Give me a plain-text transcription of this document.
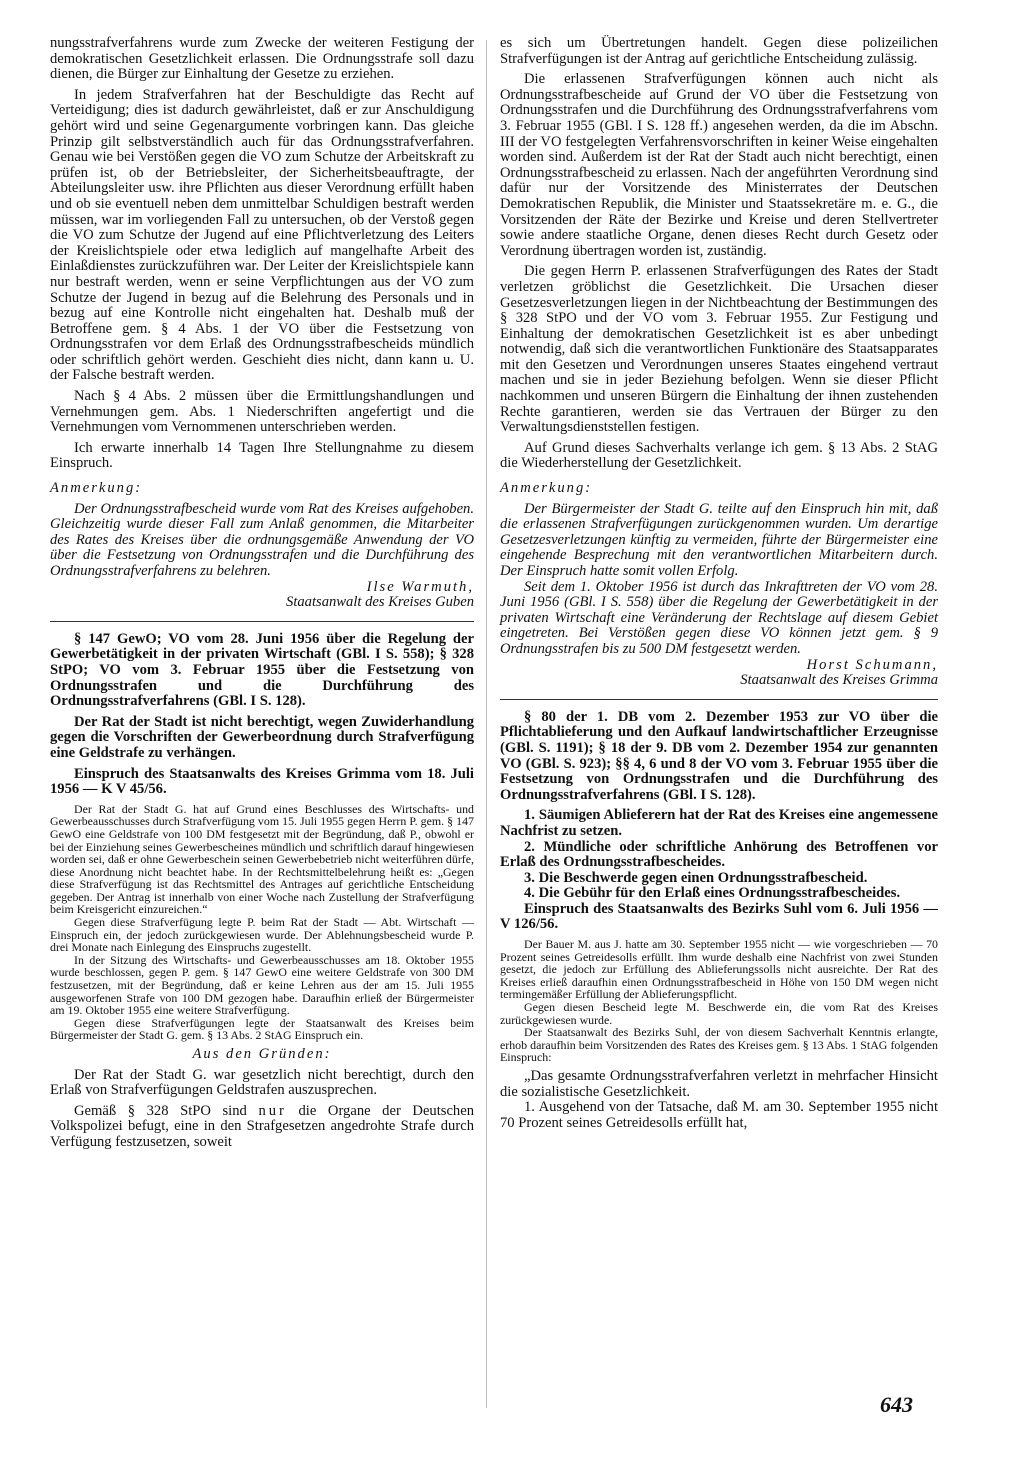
nungsstrafverfahrens wurde zum Zwecke der weiteren Festigung der demokratischen Gesetzlichkeit erlassen. Die Ordnungsstrafe soll dazu dienen, die Bürger zur Einhaltung der Gesetze zu erziehen.

In jedem Strafverfahren hat der Beschuldigte das Recht auf Verteidigung; dies ist dadurch gewährleistet, daß er zur Anschuldigung gehört wird und seine Gegenargumente vorbringen kann. Das gleiche Prinzip gilt selbstverständlich auch für das Ordnungsstrafverfahren. Genau wie bei Verstößen gegen die VO zum Schutze der Arbeitskraft zu prüfen ist, ob der Betriebsleiter, der Sicherheitsbeauftragte, der Abteilungsleiter usw. ihre Pflichten aus dieser Verordnung erfüllt haben und ob sie eventuell neben dem unmittelbar Schuldigen bestraft werden müssen, war im vorliegenden Fall zu untersuchen, ob der Verstoß gegen die VO zum Schutze der Jugend auf eine Pflichtverletzung des Leiters der Kreislichtspiele oder etwa lediglich auf mangelhafte Arbeit des Einlaßdienstes zurückzuführen war. Der Leiter der Kreislichtspiele kann nur bestraft werden, wenn er seine Verpflichtungen aus der VO zum Schutze der Jugend in bezug auf die Belehrung des Personals und in bezug auf eine Kontrolle nicht eingehalten hat. Deshalb muß der Betroffene gem. § 4 Abs. 1 der VO über die Festsetzung von Ordnungsstrafen vor dem Erlaß des Ordnungsstrafbescheids mündlich oder schriftlich gehört werden. Geschieht dies nicht, dann kann u. U. der Falsche bestraft werden.

Nach § 4 Abs. 2 müssen über die Ermittlungshandlungen und Vernehmungen gem. Abs. 1 Niederschriften angefertigt und die Vernehmungen vom Vernommenen unterschrieben werden.

Ich erwarte innerhalb 14 Tagen Ihre Stellungnahme zu diesem Einspruch.

Anmerkung:

Der Ordnungsstrafbescheid wurde vom Rat des Kreises aufgehoben. Gleichzeitig wurde dieser Fall zum Anlaß genommen, die Mitarbeiter des Rates des Kreises über die ordnungsgemäße Anwendung der VO über die Festsetzung von Ordnungsstrafen und die Durchführung des Ordnungsstrafverfahrens zu belehren.

Ilse Warmuth,

Staatsanwalt des Kreises Guben

§ 147 GewO; VO vom 28. Juni 1956 über die Regelung der Gewerbetätigkeit in der privaten Wirtschaft (GBl. I S. 558); § 328 StPO; VO vom 3. Februar 1955 über die Festsetzung von Ordnungsstrafen und die Durchführung des Ordnungsstrafverfahrens (GBl. I S. 128).

Der Rat der Stadt ist nicht berechtigt, wegen Zuwiderhandlung gegen die Vorschriften der Gewerbeordnung durch Strafverfügung eine Geldstrafe zu verhängen.

Einspruch des Staatsanwalts des Kreises Grimma vom 18. Juli 1956 — K V 45/56.

Der Rat der Stadt G. hat auf Grund eines Beschlusses des Wirtschafts- und Gewerbeausschusses durch Strafverfügung vom 15. Juli 1955 gegen Herrn P. gem. § 147 GewO eine Geldstrafe von 100 DM festgesetzt mit der Begründung, daß P., obwohl er bei der Einziehung seines Gewerbescheines mündlich und schriftlich darauf hingewiesen worden sei, daß er ohne Gewerbeschein seinen Gewerbebetrieb nicht weiterführen dürfe, diese Anordnung nicht beachtet habe. In der Rechtsmittelbelehrung heißt es: „Gegen diese Strafverfügung ist das Rechtsmittel des Antrages auf gerichtliche Entscheidung gegeben. Der Antrag ist innerhalb von einer Woche nach Zustellung der Strafverfügung beim Kreisgericht einzureichen.“

Gegen diese Strafverfügung legte P. beim Rat der Stadt — Abt. Wirtschaft — Einspruch ein, der jedoch zurückgewiesen wurde. Der Ablehnungsbescheid wurde P. drei Monate nach Einlegung des Einspruchs zugestellt.

In der Sitzung des Wirtschafts- und Gewerbeausschusses am 18. Oktober 1955 wurde beschlossen, gegen P. gem. § 147 GewO eine weitere Geldstrafe von 300 DM festzusetzen, mit der Begründung, daß er keine Lehren aus der am 15. Juli 1955 ausgeworfenen Strafe von 100 DM gezogen habe. Daraufhin erließ der Bürgermeister am 19. Oktober 1955 eine weitere Strafverfügung.

Gegen diese Strafverfügungen legte der Staatsanwalt des Kreises beim Bürgermeister der Stadt G. gem. § 13 Abs. 2 StAG Einspruch ein.

Aus den Gründen:

Der Rat der Stadt G. war gesetzlich nicht berechtigt, durch den Erlaß von Strafverfügungen Geldstrafen auszusprechen.

Gemäß § 328 StPO sind nur die Organe der Deutschen Volkspolizei befugt, eine in den Strafgesetzen angedrohte Strafe durch Verfügung festzusetzen, soweit

es sich um Übertretungen handelt. Gegen diese polizeilichen Strafverfügungen ist der Antrag auf gerichtliche Entscheidung zulässig.

Die erlassenen Strafverfügungen können auch nicht als Ordnungsstrafbescheide auf Grund der VO über die Festsetzung von Ordnungsstrafen und die Durchführung des Ordnungsstrafverfahrens vom 3. Februar 1955 (GBl. I S. 128 ff.) angesehen werden, da die im Abschn. III der VO festgelegten Verfahrensvorschriften in keiner Weise eingehalten worden sind. Außerdem ist der Rat der Stadt auch nicht berechtigt, einen Ordnungsstrafbescheid zu erlassen. Nach der angeführten Verordnung sind dafür nur der Vorsitzende des Ministerrates der Deutschen Demokratischen Republik, die Minister und Staatssekretäre m. e. G., die Vorsitzenden der Räte der Bezirke und Kreise und deren Stellvertreter sowie andere staatliche Organe, denen dieses Recht durch Gesetz oder Verordnung übertragen worden ist, zuständig.

Die gegen Herrn P. erlassenen Strafverfügungen des Rates der Stadt verletzen gröblichst die Gesetzlichkeit. Die Ursachen dieser Gesetzesverletzungen liegen in der Nichtbeachtung der Bestimmungen des § 328 StPO und der VO vom 3. Februar 1955. Zur Festigung und Einhaltung der demokratischen Gesetzlichkeit ist es aber unbedingt notwendig, daß sich die verantwortlichen Funktionäre des Staatsapparates mit den Gesetzen und Verordnungen unseres Staates eingehend vertraut machen und sie in jeder Beziehung befolgen. Wenn sie dieser Pflicht nachkommen und unseren Bürgern die Einhaltung der ihnen zustehenden Rechte garantieren, werden sie das Vertrauen der Bürger zu den Verwaltungsdienststellen festigen.

Auf Grund dieses Sachverhalts verlange ich gem. § 13 Abs. 2 StAG die Wiederherstellung der Gesetzlichkeit.

Anmerkung:

Der Bürgermeister der Stadt G. teilte auf den Einspruch hin mit, daß die erlassenen Strafverfügungen zurückgenommen wurden. Um derartige Gesetzesverletzungen künftig zu vermeiden, führte der Bürgermeister eine eingehende Besprechung mit den verantwortlichen Mitarbeitern durch. Der Einspruch hatte somit vollen Erfolg.

Seit dem 1. Oktober 1956 ist durch das Inkrafttreten der VO vom 28. Juni 1956 (GBl. I S. 558) über die Regelung der Gewerbetätigkeit in der privaten Wirtschaft eine Veränderung der Rechtslage auf diesem Gebiet eingetreten. Bei Verstößen gegen diese VO können jetzt gem. § 9 Ordnungsstrafen bis zu 500 DM festgesetzt werden.

Horst Schumann,

Staatsanwalt des Kreises Grimma

§ 80 der 1. DB vom 2. Dezember 1953 zur VO über die Pflichtablieferung und den Aufkauf landwirtschaftlicher Erzeugnisse (GBl. S. 1191); § 18 der 9. DB vom 2. Dezember 1954 zur genannten VO (GBl. S. 923); §§ 4, 6 und 8 der VO vom 3. Februar 1955 über die Festsetzung von Ordnungsstrafen und die Durchführung des Ordnungsstrafverfahrens (GBl. I S. 128).

1. Säumigen Ablieferern hat der Rat des Kreises eine angemessene Nachfrist zu setzen.

2. Mündliche oder schriftliche Anhörung des Betroffenen vor Erlaß des Ordnungsstrafbescheides.

3. Die Beschwerde gegen einen Ordnungsstrafbescheid.

4. Die Gebühr für den Erlaß eines Ordnungsstrafbescheides.

Einspruch des Staatsanwalts des Bezirks Suhl vom 6. Juli 1956 — V 126/56.

Der Bauer M. aus J. hatte am 30. September 1955 nicht — wie vorgeschrieben — 70 Prozent seines Getreidesolls erfüllt. Ihm wurde deshalb eine Nachfrist von zwei Stunden gesetzt, die jedoch zur Erfüllung des Ablieferungssolls nicht ausreichte. Der Rat des Kreises erließ daraufhin einen Ordnungsstrafbescheid in Höhe von 150 DM wegen nicht termingemäßer Erfüllung der Ablieferungspflicht.

Gegen diesen Bescheid legte M. Beschwerde ein, die vom Rat des Kreises zurückgewiesen wurde.

Der Staatsanwalt des Bezirks Suhl, der von diesem Sachverhalt Kenntnis erlangte, erhob daraufhin beim Vorsitzenden des Rates des Kreises gem. § 13 Abs. 1 StAG folgenden Einspruch:

„Das gesamte Ordnungsstrafverfahren verletzt in mehrfacher Hinsicht die sozialistische Gesetzlichkeit.

1. Ausgehend von der Tatsache, daß M. am 30. September 1955 nicht 70 Prozent seines Getreidesolls erfüllt hat,

643
